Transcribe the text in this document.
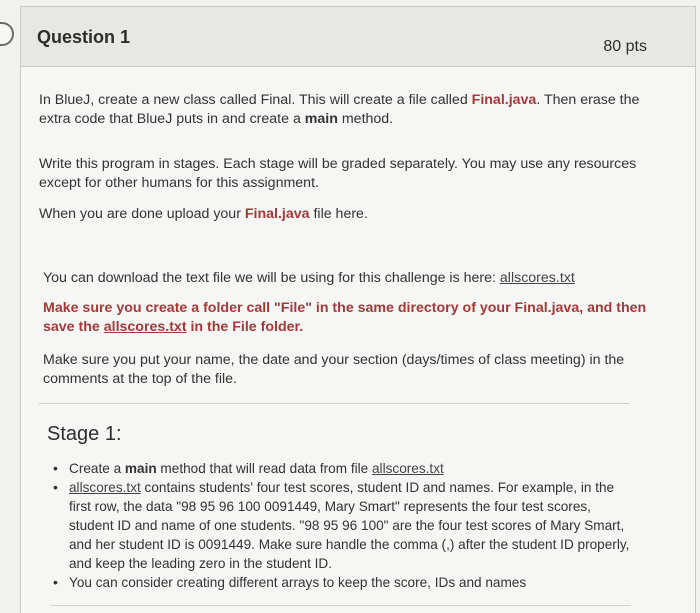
Question 1	80 pts

In BlueJ, create a new class called Final. This will create a file called Final.java. Then erase the extra code that BlueJ puts in and create a main method.

Write this program in stages. Each stage will be graded separately. You may use any resources except for other humans for this assignment.

When you are done upload your Final.java file here.

You can download the text file we will be using for this challenge is here: allscores.txt

Make sure you create a folder call "File" in the same directory of your Final.java, and then save the allscores.txt in the File folder.

Make sure you put your name, the date and your section (days/times of class meeting) in the comments at the top of the file.

Stage 1:
• Create a main method that will read data from file allscores.txt
• allscores.txt contains students' four test scores, student ID and names. For example, in the first row, the data "98 95 96 100 0091449, Mary Smart" represents the four test scores, student ID and name of one students. "98 95 96 100" are the four test scores of Mary Smart, and her student ID is 0091449. Make sure handle the comma (,) after the student ID properly, and keep the leading zero in the student ID.
• You can consider creating different arrays to keep the score, IDs and names
